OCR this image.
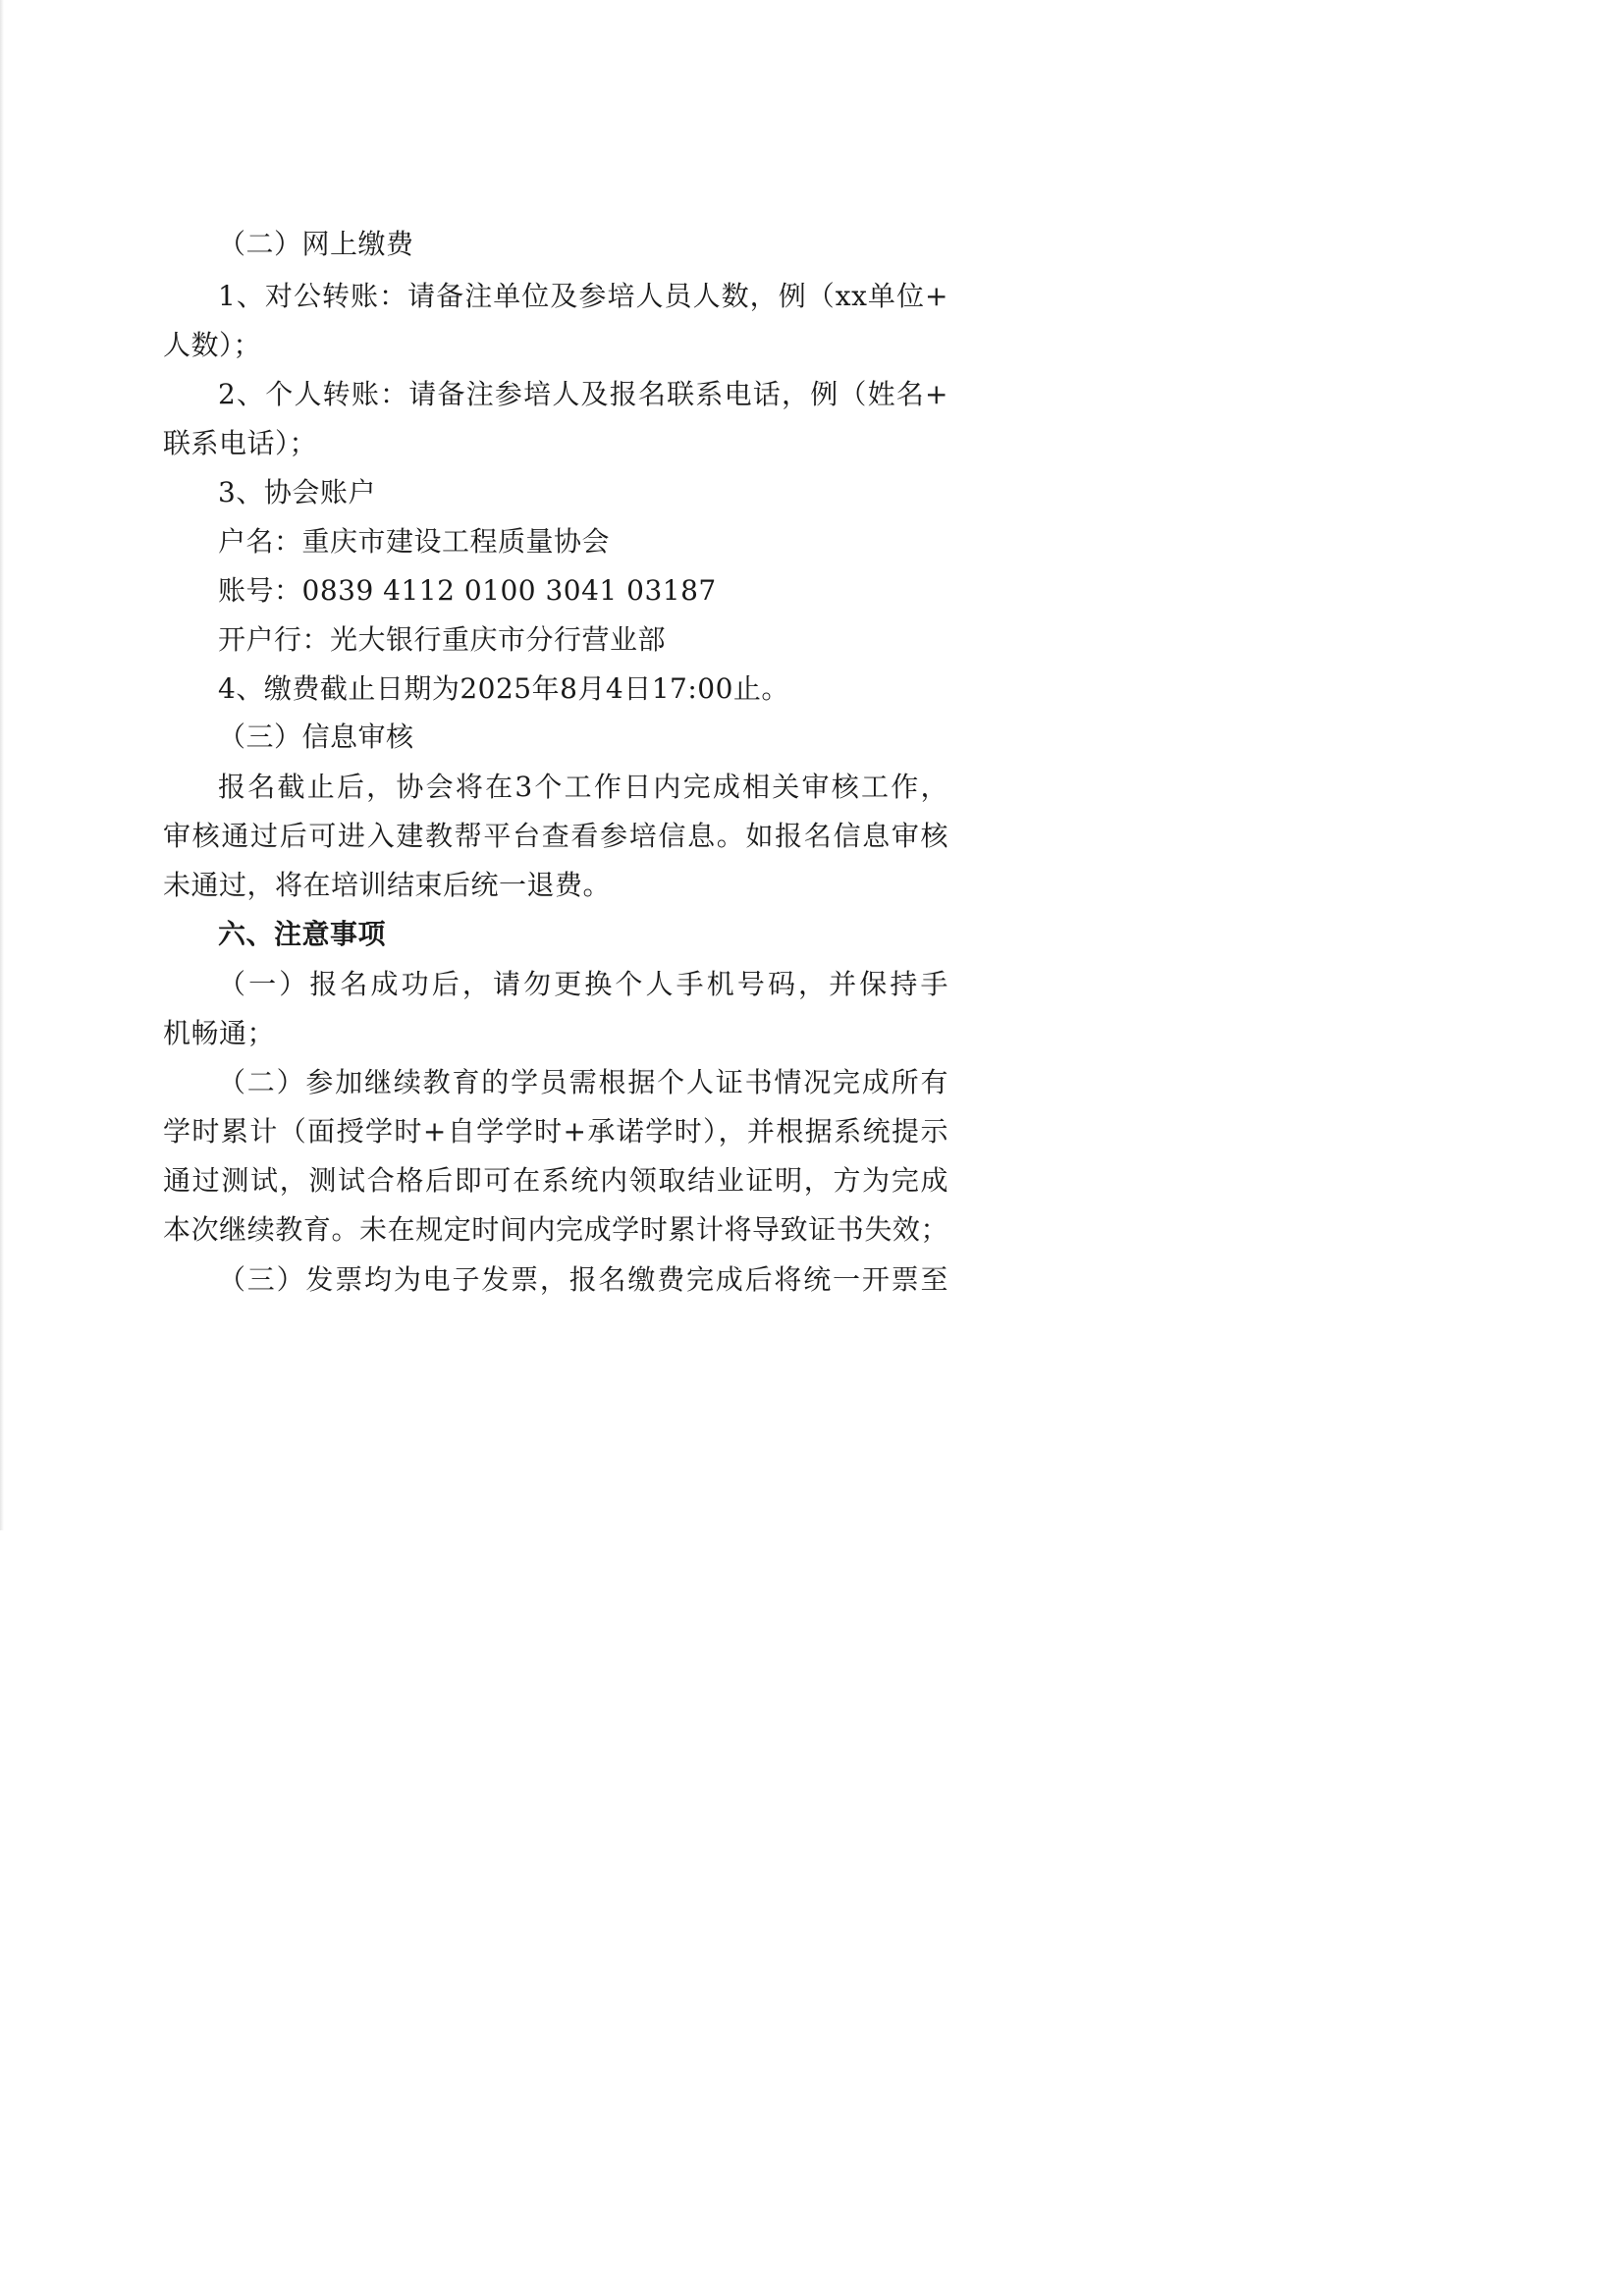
（二）网上缴费
1、对公转账：请备注单位及参培人员人数，例（xx单位+
人数）；
2、个人转账：请备注参培人及报名联系电话，例（姓名+
联系电话）；
3、协会账户
户名：重庆市建设工程质量协会
账号：0839 4112 0100 3041 03187
开户行：光大银行重庆市分行营业部
4、缴费截止日期为2025年8月4日17:00止。
（三）信息审核
报名截止后，协会将在3个工作日内完成相关审核工作，
审核通过后可进入建教帮平台查看参培信息。如报名信息审核
未通过，将在培训结束后统一退费。
六、注意事项
（一）报名成功后，请勿更换个人手机号码，并保持手
机畅通；
（二）参加继续教育的学员需根据个人证书情况完成所有
学时累计（面授学时+自学学时+承诺学时），并根据系统提示
通过测试，测试合格后即可在系统内领取结业证明，方为完成
本次继续教育。未在规定时间内完成学时累计将导致证书失效；
（三）发票均为电子发票，报名缴费完成后将统一开票至
